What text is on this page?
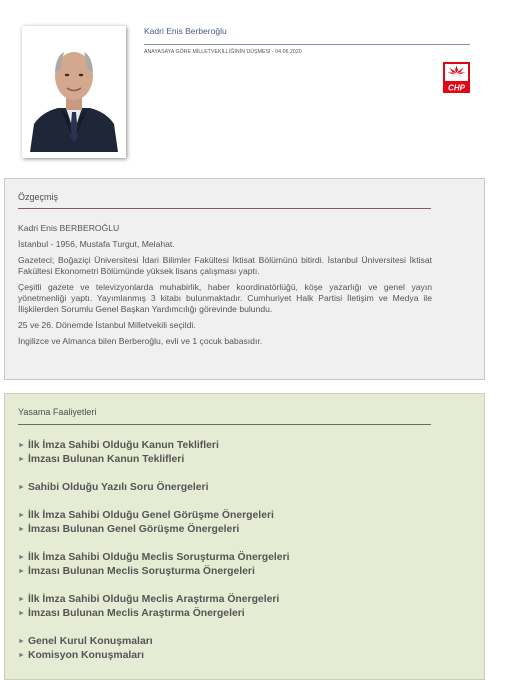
Kadri Enis Berberoğlu
ANAYASAYA GÖRE MİLLETVEKİLLİĞİNİN DÜŞMESİ - 04.06.2020
CHP
Özgeçmiş

Kadri Enis BERBEROĞLU

İstanbul - 1956, Mustafa Turgut, Melahat.

Gazeteci; Boğaziçi Üniversitesi İdari Bilimler Fakültesi İktisat Bölümünü bitirdi. İstanbul Üniversitesi İktisat Fakültesi Ekonometri Bölümünde yüksek lisans çalışması yaptı.

Çeşitli gazete ve televizyonlarda muhabirlik, haber koordinatörlüğü, köşe yazarlığı ve genel yayın yönetmenliği yaptı. Yayımlanmış 3 kitabı bulunmaktadır. Cumhuriyet Halk Partisi İletişim ve Medya ile İlişkilerden Sorumlu Genel Başkan Yardımcılığı görevinde bulundu.

25 ve 26. Dönemde İstanbul Milletvekili seçildi.

İngilizce ve Almanca bilen Berberoğlu, evli ve 1 çocuk babasıdır.

Yasama Faaliyetleri
► İlk İmza Sahibi Olduğu Kanun Teklifleri
► İmzası Bulunan Kanun Teklifleri
► Sahibi Olduğu Yazılı Soru Önergeleri
► İlk İmza Sahibi Olduğu Genel Görüşme Önergeleri
► İmzası Bulunan Genel Görüşme Önergeleri
► İlk İmza Sahibi Olduğu Meclis Soruşturma Önergeleri
► İmzası Bulunan Meclis Soruşturma Önergeleri
► İlk İmza Sahibi Olduğu Meclis Araştırma Önergeleri
► İmzası Bulunan Meclis Araştırma Önergeleri
► Genel Kurul Konuşmaları
► Komisyon Konuşmaları
